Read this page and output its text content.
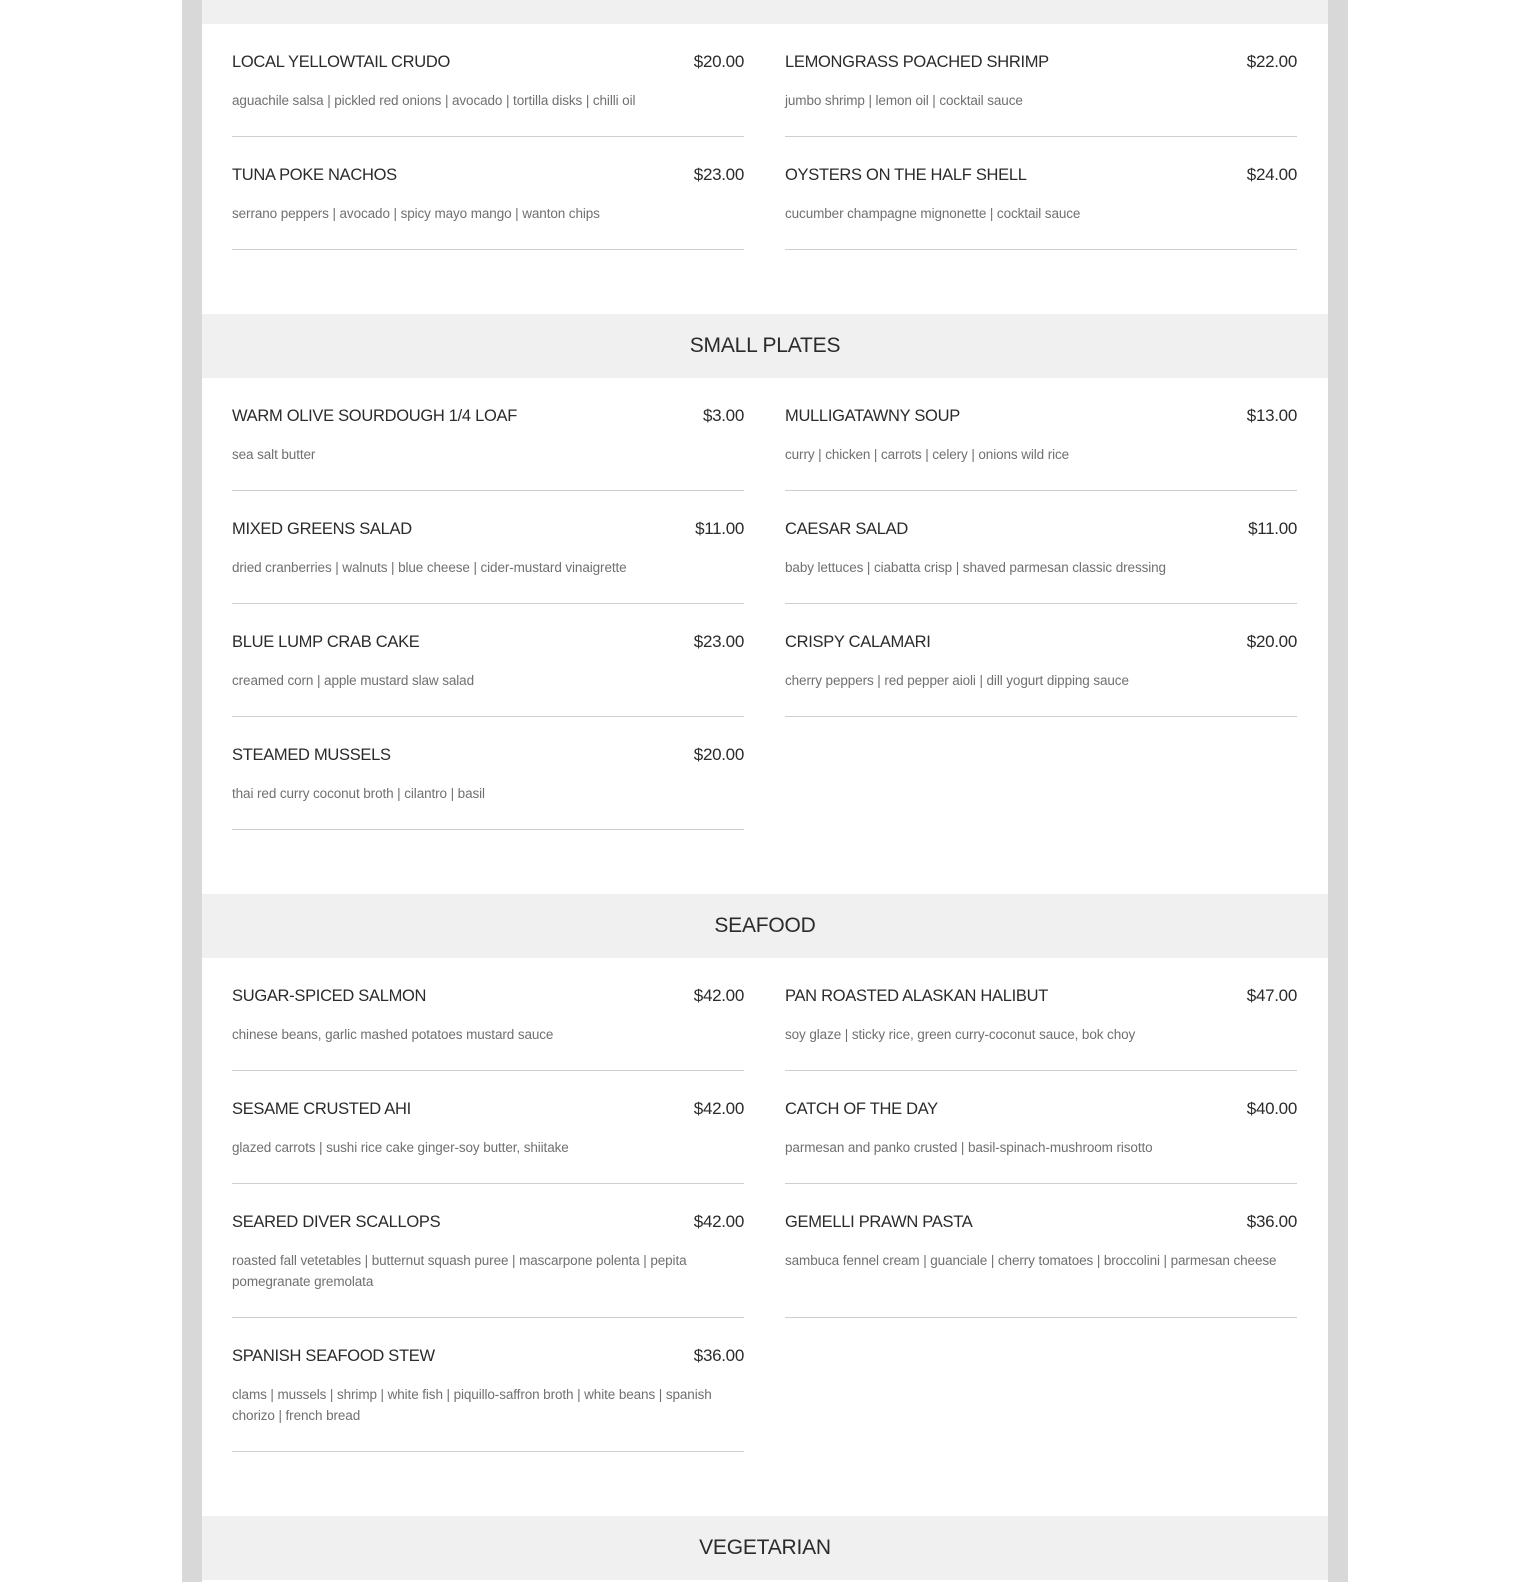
LOCAL YELLOWTAIL CRUDO	$20.00
aguachile salsa | pickled red onions | avocado | tortilla disks | chilli oil
LEMONGRASS POACHED SHRIMP	$22.00
jumbo shrimp | lemon oil | cocktail sauce
TUNA POKE NACHOS	$23.00
serrano peppers | avocado | spicy mayo mango | wanton chips
OYSTERS ON THE HALF SHELL	$24.00
cucumber champagne mignonette | cocktail sauce
SMALL PLATES
WARM OLIVE SOURDOUGH 1/4 LOAF	$3.00
sea salt butter
MULLIGATAWNY SOUP	$13.00
curry | chicken | carrots | celery | onions wild rice
MIXED GREENS SALAD	$11.00
dried cranberries | walnuts | blue cheese | cider-mustard vinaigrette
CAESAR SALAD	$11.00
baby lettuces | ciabatta crisp | shaved parmesan classic dressing
BLUE LUMP CRAB CAKE	$23.00
creamed corn | apple mustard slaw salad
CRISPY CALAMARI	$20.00
cherry peppers | red pepper aioli | dill yogurt dipping sauce
STEAMED MUSSELS	$20.00
thai red curry coconut broth | cilantro | basil
SEAFOOD
SUGAR-SPICED SALMON	$42.00
chinese beans, garlic mashed potatoes mustard sauce
PAN ROASTED ALASKAN HALIBUT	$47.00
soy glaze | sticky rice, green curry-coconut sauce, bok choy
SESAME CRUSTED AHI	$42.00
glazed carrots | sushi rice cake ginger-soy butter, shiitake
CATCH OF THE DAY	$40.00
parmesan and panko crusted | basil-spinach-mushroom risotto
SEARED DIVER SCALLOPS	$42.00
roasted fall vetetables | butternut squash puree | mascarpone polenta | pepita pomegranate gremolata
GEMELLI PRAWN PASTA	$36.00
sambuca fennel cream | guanciale | cherry tomatoes | broccolini | parmesan cheese
SPANISH SEAFOOD STEW	$36.00
clams | mussels | shrimp | white fish | piquillo-saffron broth | white beans | spanish chorizo | french bread
VEGETARIAN
